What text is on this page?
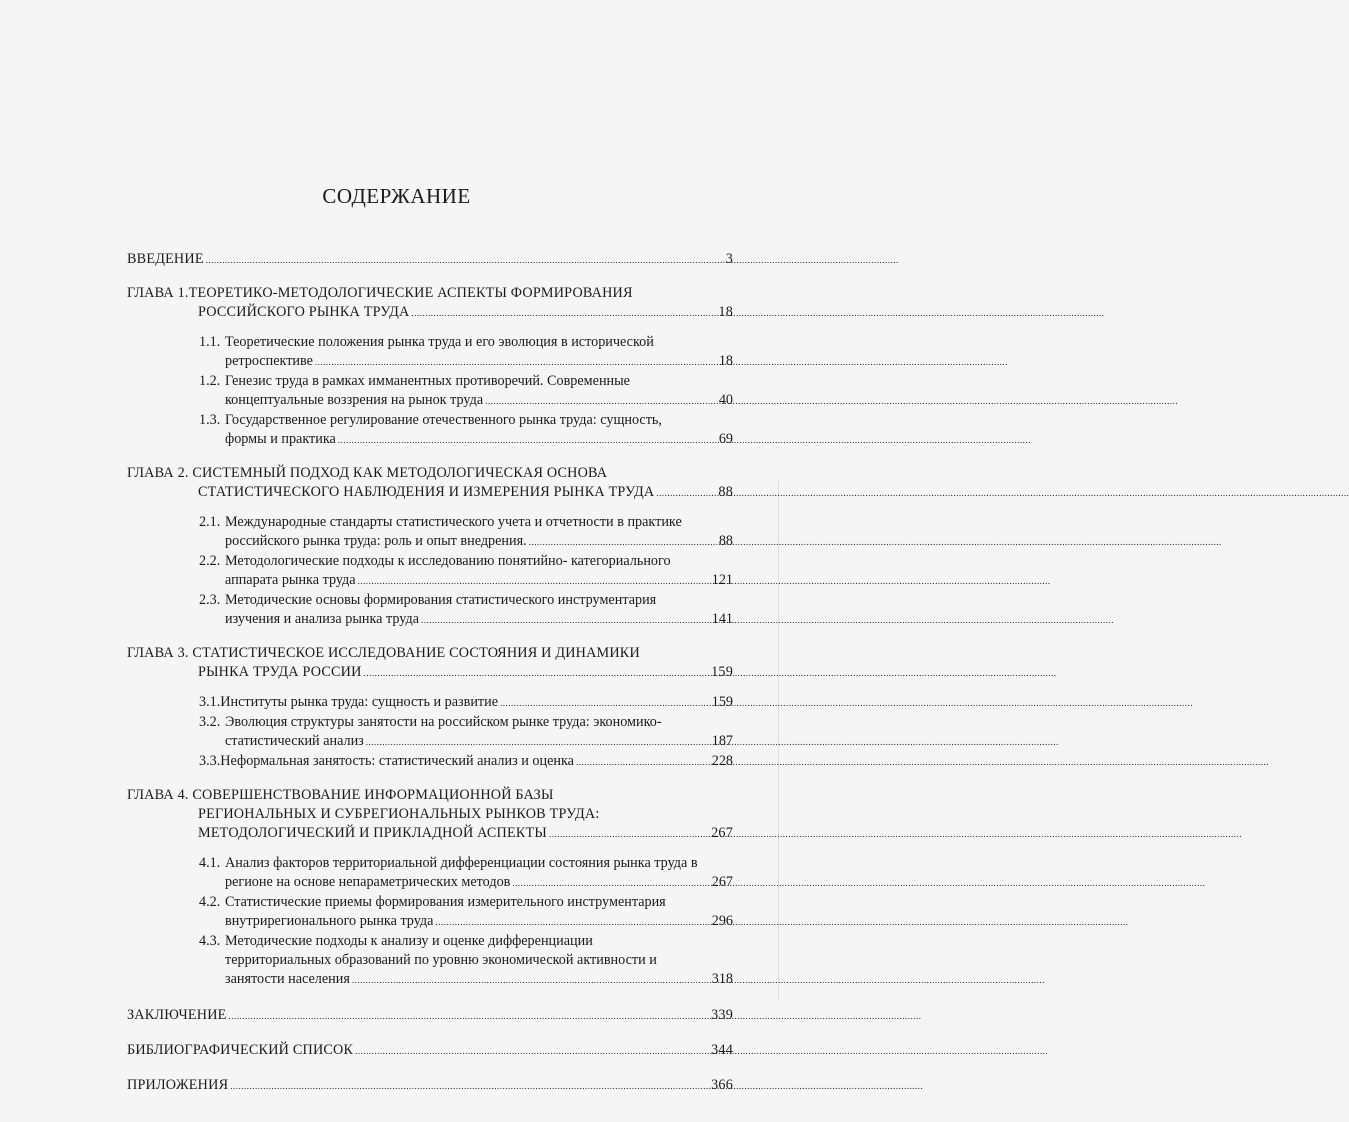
СОДЕРЖАНИЕ
ВВЕДЕНИЕ .....	3
ГЛАВА 1.ТЕОРЕТИКО-МЕТОДОЛОГИЧЕСКИЕ АСПЕКТЫ ФОРМИРОВАНИЯ
РОССИЙСКОГО РЫНКА ТРУДА .....	18
1.1. Теоретические положения рынка труда и его эволюция в исторической
ретроспективе .....	18
1.2. Генезис труда в рамках имманентных противоречий. Современные
концептуальные воззрения на рынок труда .....	40
1.3. Государственное регулирование отечественного рынка труда: сущность,
формы и практика .....	69
ГЛАВА 2. СИСТЕМНЫЙ ПОДХОД КАК МЕТОДОЛОГИЧЕСКАЯ ОСНОВА
СТАТИСТИЧЕСКОГО НАБЛЮДЕНИЯ И ИЗМЕРЕНИЯ РЫНКА ТРУДА .....	88
2.1. Международные стандарты статистического учета и отчетности в практике
российского рынка труда: роль и опыт внедрения. .....	88
2.2. Методологические подходы к исследованию понятийно- категориального
аппарата рынка труда .....	121
2.3. Методические основы формирования статистического инструментария
изучения и анализа рынка труда .....	141
ГЛАВА 3. СТАТИСТИЧЕСКОЕ ИССЛЕДОВАНИЕ СОСТОЯНИЯ И ДИНАМИКИ
РЫНКА ТРУДА РОССИИ .....	159
3.1. Институты рынка труда: сущность и развитие .....	159
3.2. Эволюция структуры занятости на российском рынке труда: экономико-
статистический анализ .....	187
3.3. Неформальная занятость: статистический анализ и оценка .....	228
ГЛАВА 4. СОВЕРШЕНСТВОВАНИЕ ИНФОРМАЦИОННОЙ БАЗЫ
РЕГИОНАЛЬНЫХ И СУБРЕГИОНАЛЬНЫХ РЫНКОВ ТРУДА:
МЕТОДОЛОГИЧЕСКИЙ И ПРИКЛАДНОЙ АСПЕКТЫ .....	267
4.1. Анализ факторов территориальной дифференциации состояния рынка труда в
регионе на основе непараметрических методов .....	267
4.2. Статистические приемы формирования измерительного инструментария
внутрирегионального рынка труда .....	296
4.3. Методические подходы к анализу и оценке дифференциации
территориальных образований по уровню экономической активности и
занятости населения .....	318
ЗАКЛЮЧЕНИЕ .....	339
БИБЛИОГРАФИЧЕСКИЙ СПИСОК .....	344
ПРИЛОЖЕНИЯ .....	366
